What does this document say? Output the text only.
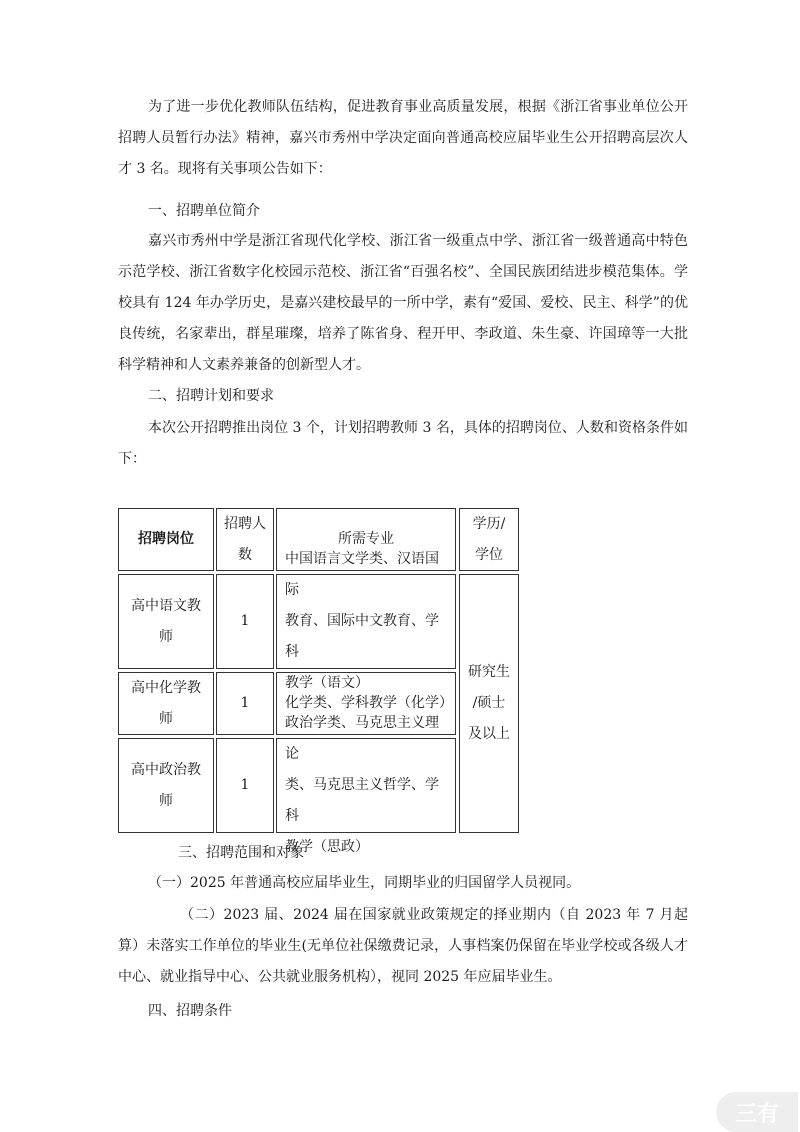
为了进一步优化教师队伍结构，促进教育事业高质量发展，根据《浙江省事业单位公开招聘人员暂行办法》精神，嘉兴市秀州中学决定面向普通高校应届毕业生公开招聘高层次人才 3 名。现将有关事项公告如下：

一、招聘单位简介

嘉兴市秀州中学是浙江省现代化学校、浙江省一级重点中学、浙江省一级普通高中特色示范学校、浙江省数字化校园示范校、浙江省“百强名校”、全国民族团结进步模范集体。学校具有 124 年办学历史，是嘉兴建校最早的一所中学，素有“爱国、爱校、民主、科学”的优良传统，名家辈出，群星璀璨，培养了陈省身、程开甲、李政道、朱生豪、许国璋等一大批科学精神和人文素养兼备的创新型人才。

二、招聘计划和要求

本次公开招聘推出岗位 3 个，计划招聘教师 3 名，具体的招聘岗位、人数和资格条件如下：

招聘岗位
招聘人
数
所需专业
学历/
学位
高中语文教
师
1
中国语言文学类、汉语国际
教育、国际中文教育、学科
教学（语文）
高中化学教
师
1	化学类、学科教学（化学）
高中政治教
师
1
政治学类、马克思主义理论
类、马克思主义哲学、学科
教学（思政）
研究生
/硕士
及以上

三、招聘范围和对象

（一）2025 年普通高校应届毕业生，同期毕业的归国留学人员视同。

（二）2023 届、2024 届在国家就业政策规定的择业期内（自 2023 年 7 月起算）未落实工作单位的毕业生(无单位社保缴费记录，人事档案仍保留在毕业学校或各级人才中心、就业指导中心、公共就业服务机构），视同 2025 年应届毕业生。

四、招聘条件

三有
